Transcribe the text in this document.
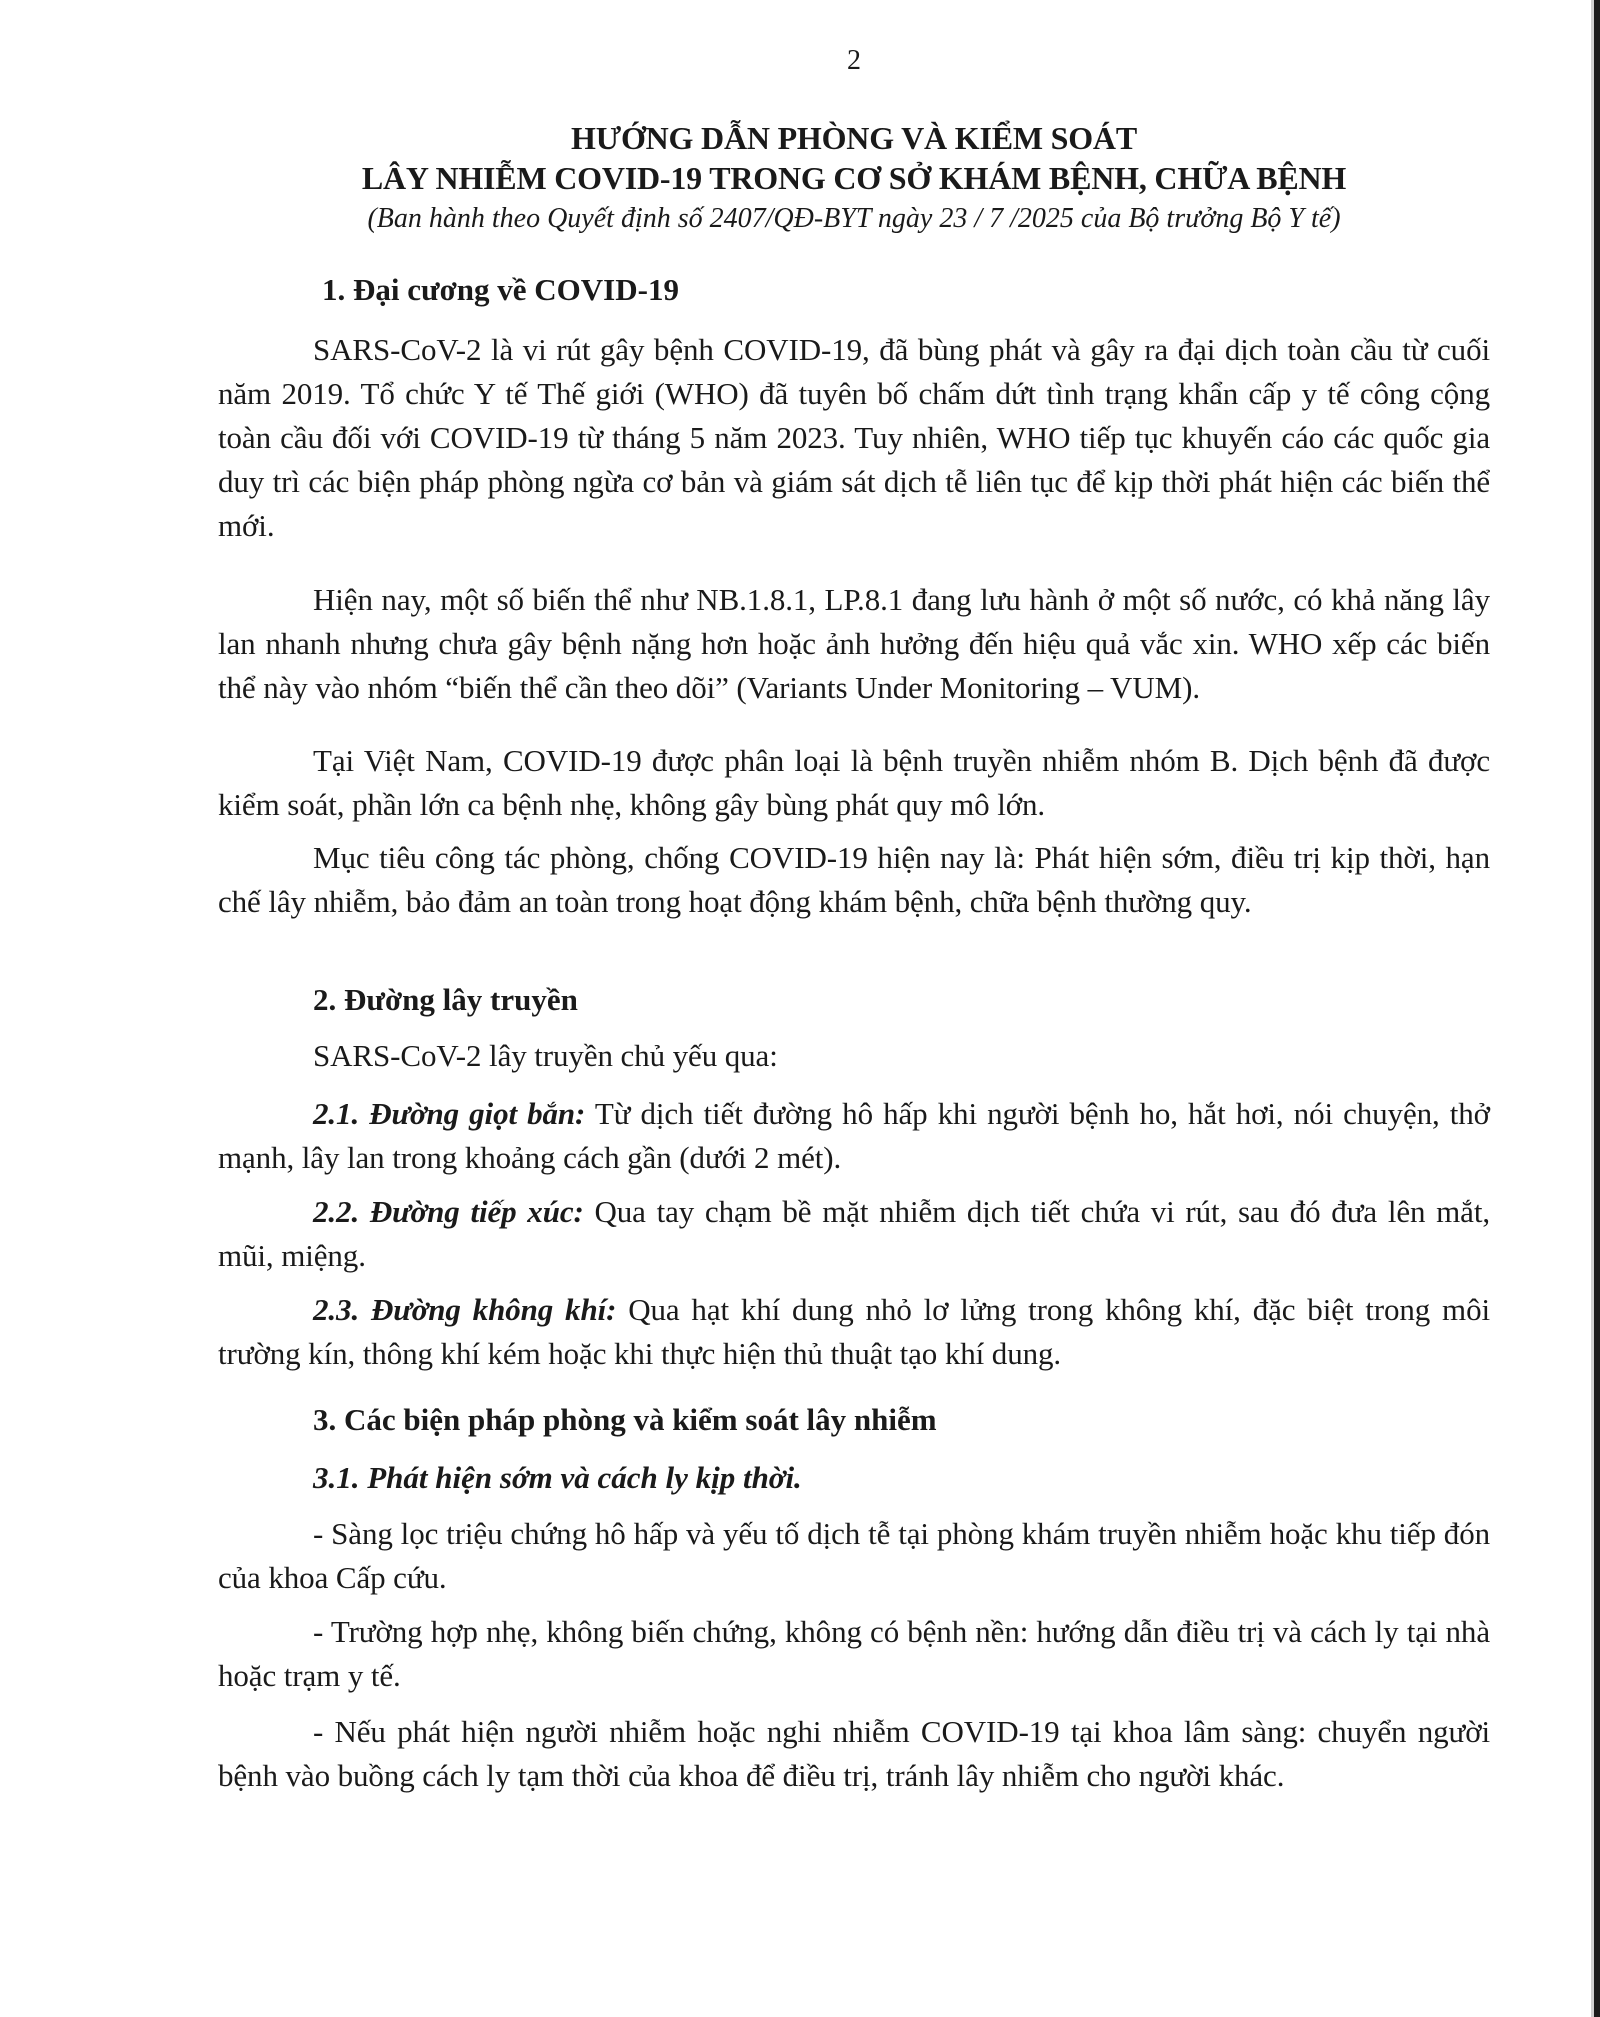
2
HƯỚNG DẪN PHÒNG VÀ KIỂM SOÁT
LÂY NHIỄM COVID-19 TRONG CƠ SỞ KHÁM BỆNH, CHỮA BỆNH
(Ban hành theo Quyết định số 2407/QĐ-BYT ngày 23 / 7 /2025 của Bộ trưởng Bộ Y tế)
1. Đại cương về COVID-19
SARS-CoV-2 là vi rút gây bệnh COVID-19, đã bùng phát và gây ra đại dịch toàn cầu từ cuối năm 2019. Tổ chức Y tế Thế giới (WHO) đã tuyên bố chấm dứt tình trạng khẩn cấp y tế công cộng toàn cầu đối với COVID-19 từ tháng 5 năm 2023. Tuy nhiên, WHO tiếp tục khuyến cáo các quốc gia duy trì các biện pháp phòng ngừa cơ bản và giám sát dịch tễ liên tục để kịp thời phát hiện các biến thể mới.
Hiện nay, một số biến thể như NB.1.8.1, LP.8.1 đang lưu hành ở một số nước, có khả năng lây lan nhanh nhưng chưa gây bệnh nặng hơn hoặc ảnh hưởng đến hiệu quả vắc xin. WHO xếp các biến thể này vào nhóm “biến thể cần theo dõi” (Variants Under Monitoring – VUM).
Tại Việt Nam, COVID-19 được phân loại là bệnh truyền nhiễm nhóm B. Dịch bệnh đã được kiểm soát, phần lớn ca bệnh nhẹ, không gây bùng phát quy mô lớn.
Mục tiêu công tác phòng, chống COVID-19 hiện nay là: Phát hiện sớm, điều trị kịp thời, hạn chế lây nhiễm, bảo đảm an toàn trong hoạt động khám bệnh, chữa bệnh thường quy.
2. Đường lây truyền
SARS-CoV-2 lây truyền chủ yếu qua:
2.1. Đường giọt bắn: Từ dịch tiết đường hô hấp khi người bệnh ho, hắt hơi, nói chuyện, thở mạnh, lây lan trong khoảng cách gần (dưới 2 mét).
2.2. Đường tiếp xúc: Qua tay chạm bề mặt nhiễm dịch tiết chứa vi rút, sau đó đưa lên mắt, mũi, miệng.
2.3. Đường không khí: Qua hạt khí dung nhỏ lơ lửng trong không khí, đặc biệt trong môi trường kín, thông khí kém hoặc khi thực hiện thủ thuật tạo khí dung.
3. Các biện pháp phòng và kiểm soát lây nhiễm
3.1. Phát hiện sớm và cách ly kịp thời.
- Sàng lọc triệu chứng hô hấp và yếu tố dịch tễ tại phòng khám truyền nhiễm hoặc khu tiếp đón của khoa Cấp cứu.
- Trường hợp nhẹ, không biến chứng, không có bệnh nền: hướng dẫn điều trị và cách ly tại nhà hoặc trạm y tế.
- Nếu phát hiện người nhiễm hoặc nghi nhiễm COVID-19 tại khoa lâm sàng: chuyển người bệnh vào buồng cách ly tạm thời của khoa để điều trị, tránh lây nhiễm cho người khác.
